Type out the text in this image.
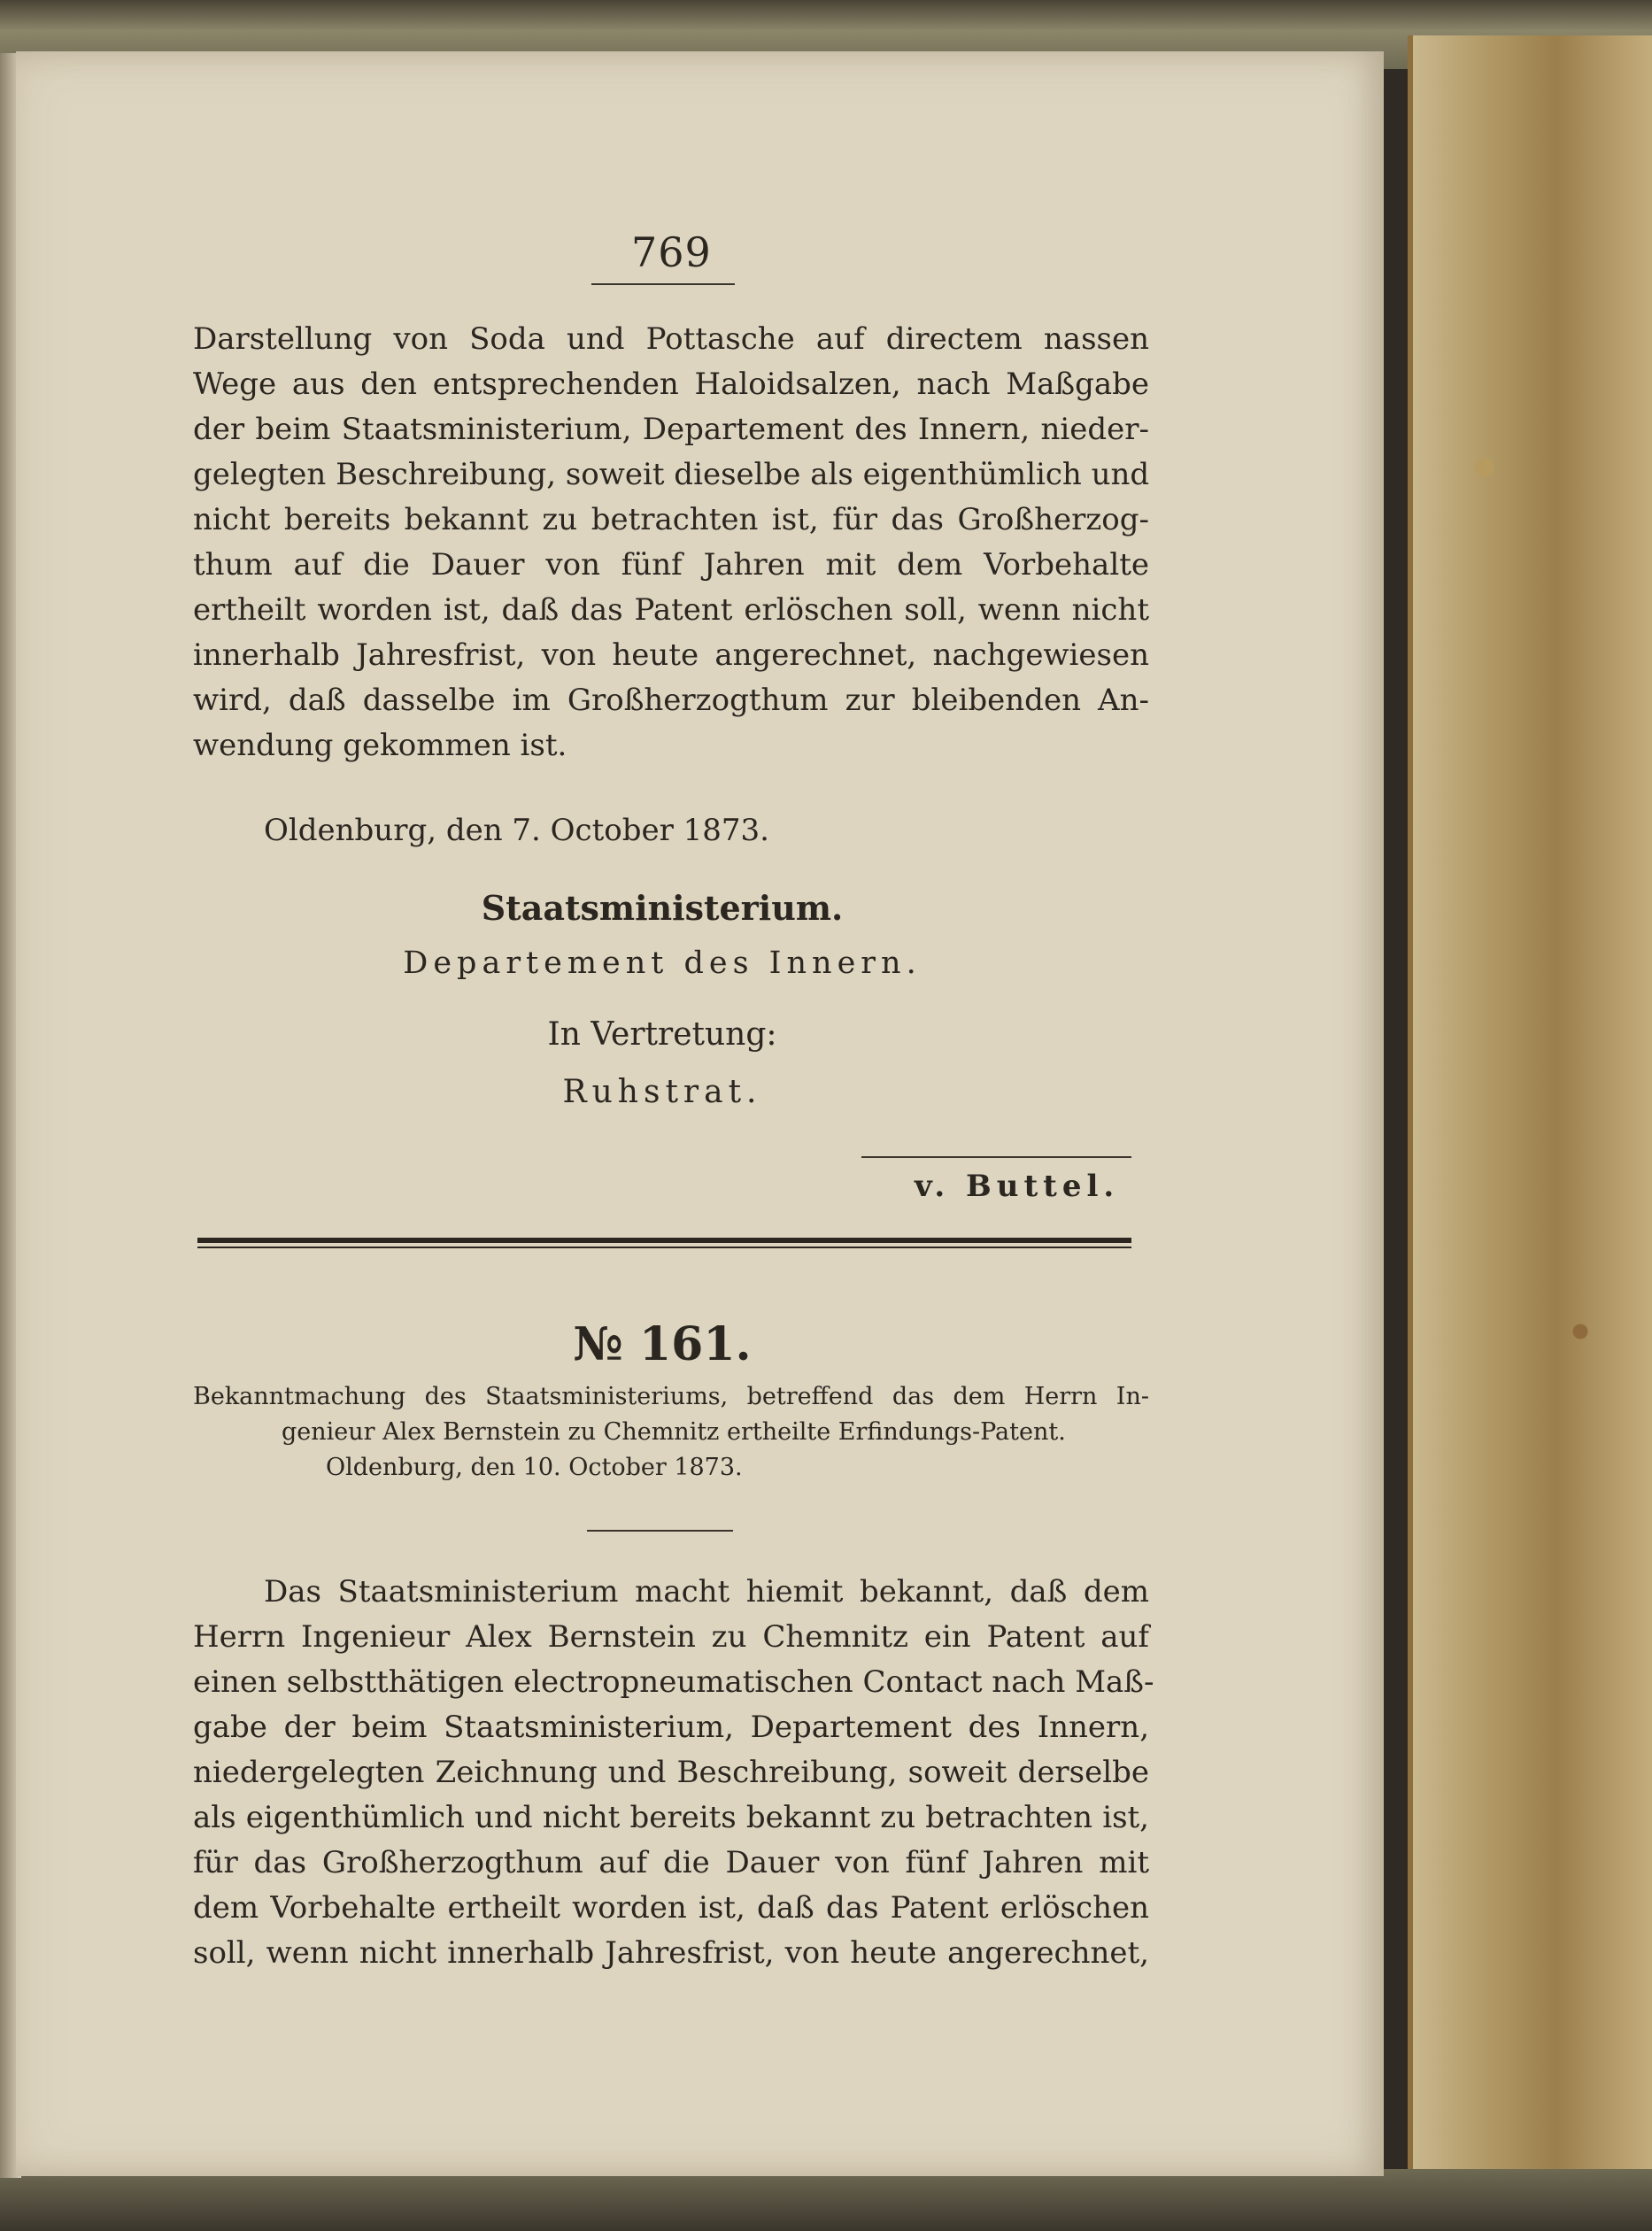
769
Darstellung von Soda und Pottasche auf directem nassen
Wege aus den entsprechenden Haloidsalzen, nach Maßgabe
der beim Staatsministerium, Departement des Innern, nieder-
gelegten Beschreibung, soweit dieselbe als eigenthümlich und
nicht bereits bekannt zu betrachten ist, für das Großherzog-
thum auf die Dauer von fünf Jahren mit dem Vorbehalte
ertheilt worden ist, daß das Patent erlöschen soll, wenn nicht
innerhalb Jahresfrist, von heute angerechnet, nachgewiesen
wird, daß dasselbe im Großherzogthum zur bleibenden An-
wendung gekommen ist.
Oldenburg, den 7. October 1873.
Staatsministerium.
Departement des Innern.
In Vertretung:
Ruhstrat.
v. Buttel.
№ 161.
Bekanntmachung des Staatsministeriums, betreffend das dem Herrn In-
genieur Alex Bernstein zu Chemnitz ertheilte Erfindungs-Patent.
Oldenburg, den 10. October 1873.
Das Staatsministerium macht hiemit bekannt, daß dem
Herrn Ingenieur Alex Bernstein zu Chemnitz ein Patent auf
einen selbstthätigen electropneumatischen Contact nach Maß-
gabe der beim Staatsministerium, Departement des Innern,
niedergelegten Zeichnung und Beschreibung, soweit derselbe
als eigenthümlich und nicht bereits bekannt zu betrachten ist,
für das Großherzogthum auf die Dauer von fünf Jahren mit
dem Vorbehalte ertheilt worden ist, daß das Patent erlöschen
soll, wenn nicht innerhalb Jahresfrist, von heute angerechnet,
